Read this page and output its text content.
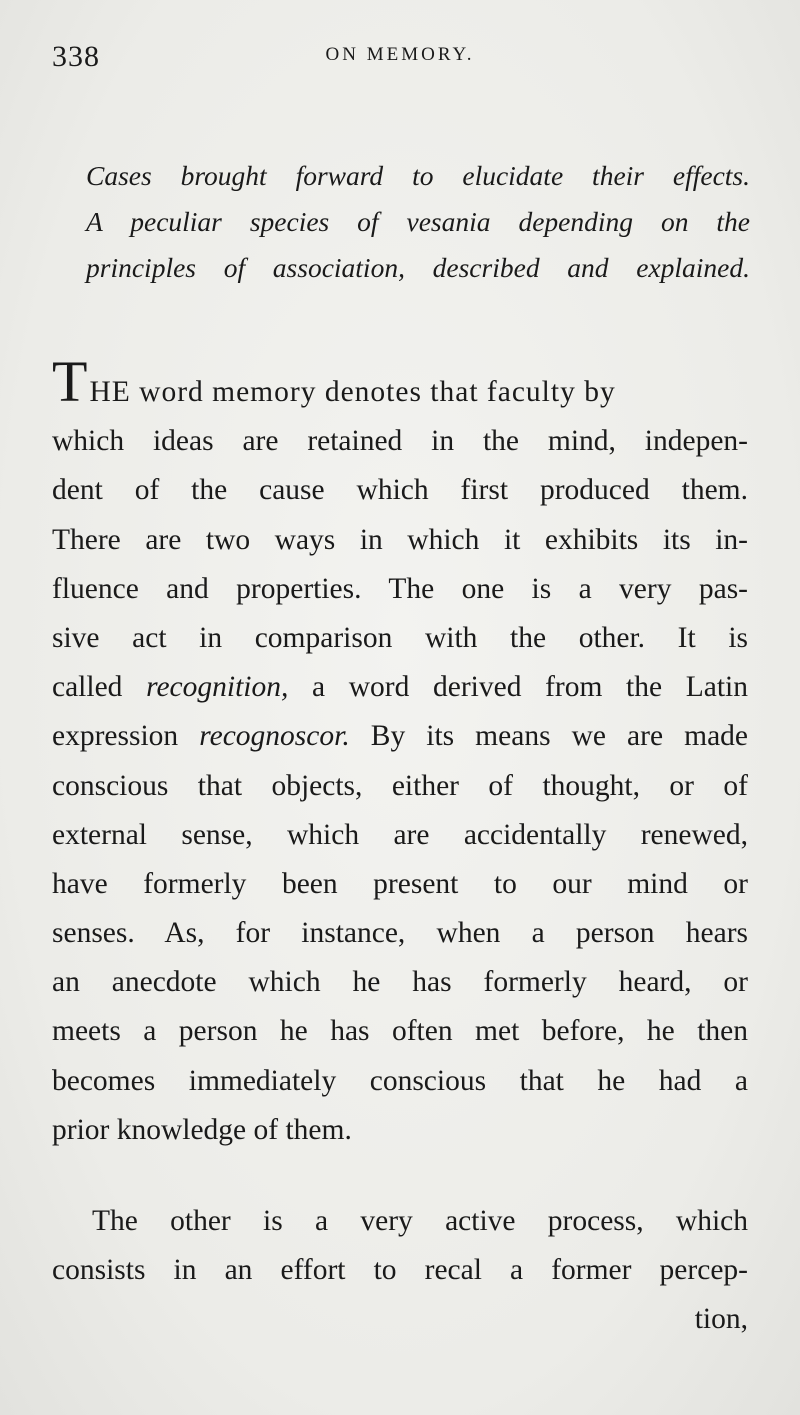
338	ON MEMORY.
Cases brought forward to elucidate their effects.
A peculiar species of vesania depending on the
principles of association, described and explained.
THE word memory denotes that faculty by
which ideas are retained in the mind, indepen-
dent of the cause which first produced them.
There are two ways in which it exhibits its in-
fluence and properties. The one is a very pas-
sive act in comparison with the other. It is
called recognition, a word derived from the Latin
expression recognoscor. By its means we are made
conscious that objects, either of thought, or of
external sense, which are accidentally renewed,
have formerly been present to our mind or
senses. As, for instance, when a person hears
an anecdote which he has formerly heard, or
meets a person he has often met before, he then
becomes immediately conscious that he had a
prior knowledge of them.
The other is a very active process, which
consists in an effort to recal a former percep-
tion,
